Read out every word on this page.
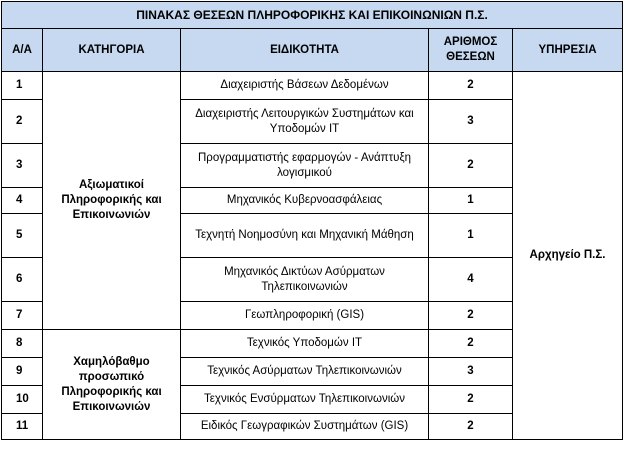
ΠΙΝΑΚΑΣ ΘΕΣΕΩΝ ΠΛΗΡΟΦΟΡΙΚΗΣ ΚΑΙ ΕΠΙΚΟΙΝΩΝΙΩΝ Π.Σ.				
Α/Α	ΚΑΤΗΓΟΡΙΑ	ΕΙΔΙΚΟΤΗΤΑ	ΑΡΙΘΜΟΣ ΘΕΣΕΩΝ	ΥΠΗΡΕΣΙΑ
1	Αξιωματικοί Πληροφορικής και Επικοινωνιών	Διαχειριστής Βάσεων Δεδομένων	2	Αρχηγείο Π.Σ.
2		Διαχειριστής Λειτουργικών Συστημάτων και Υποδομών IT	3	
3		Προγραμματιστής εφαρμογών - Ανάπτυξη λογισμικού	2	
4		Μηχανικός Κυβερνοασφάλειας	1	
5		Τεχνητή Νοημοσύνη και Μηχανική Μάθηση	1	
6		Μηχανικός Δικτύων Ασύρματων Τηλεπικοινωνιών	4	
7		Γεωπληροφορική (GIS)	2	
8	Χαμηλόβαθμο προσωπικό Πληροφορικής και Επικοινωνιών	Τεχνικός Υποδομών IT	2	
9		Τεχνικός Ασύρματων Τηλεπικοινωνιών	3	
10		Τεχνικός Ενσύρματων Τηλεπικοινωνιών	2	
11		Ειδικός Γεωγραφικών Συστημάτων (GIS)	2	
